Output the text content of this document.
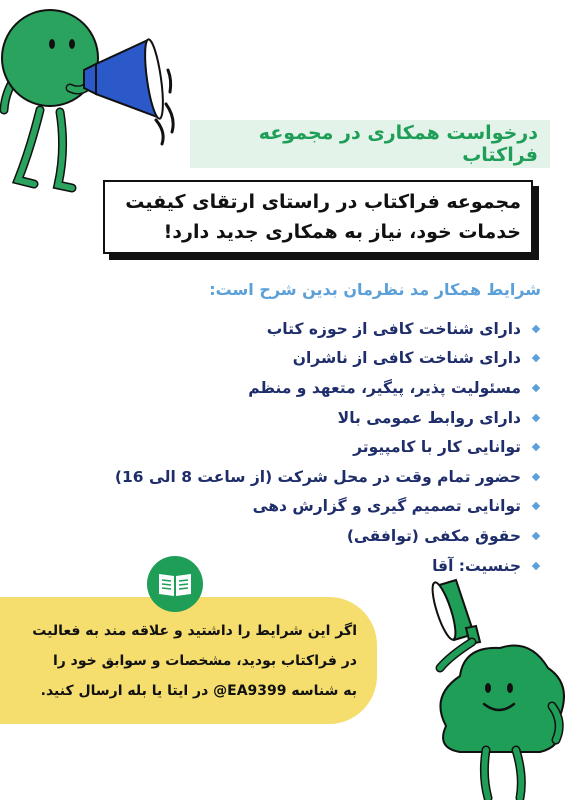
درخواست همکاری در مجموعه فراکتاب
مجموعه فراکتاب در راستای ارتقای کیفیت
خدمات خود، نیاز به همکاری جدید دارد!
شرایط همکار مد نظرمان بدین شرح است:
دارای شناخت کافی از حوزه کتاب
دارای شناخت کافی از ناشران
مسئولیت پذیر، پیگیر، متعهد و منظم
دارای روابط عمومی بالا
توانایی کار با کامپیوتر
حضور تمام وقت در محل شرکت (از ساعت 8 الی 16)
توانایی تصمیم گیری و گزارش دهی
حقوق مکفی (توافقی)
جنسیت: آقا
اگر این شرایط را داشتید و علاقه مند به فعالیت
در فراکتاب بودید، مشخصات و سوابق خود را
به شناسه EA9399@ در ایتا یا بله ارسال کنید.
